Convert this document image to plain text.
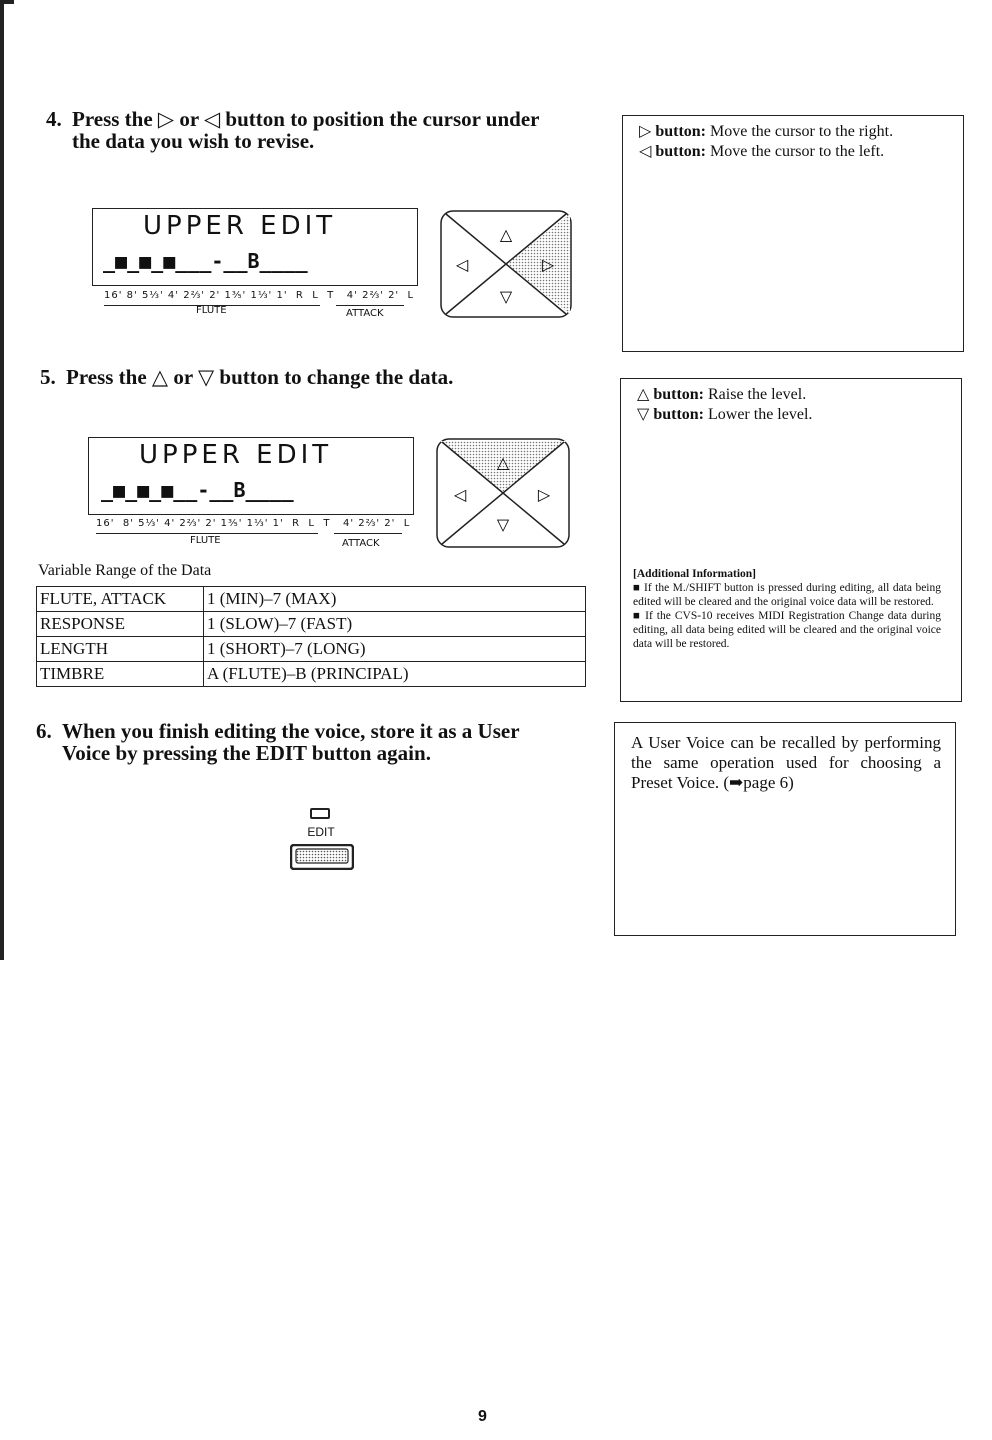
4. Press the ▷ or ◁ button to position the cursor under
the data you wish to revise.	▷ button: Move the cursor to the right.
◁ button: Move the cursor to the left.
UPPER EDIT
_■_■_■___-__B____
16' 8' 5⅓' 4' 2⅔' 2' 1⅗' 1⅓' 1'  R  L  T   4' 2⅔' 2'  L
FLUTE	ATTACK
△
▽
◁	▷
5. Press the △ or ▽ button to change the data.
△ button: Raise the level.
▽ button: Lower the level.
[Additional Information]
■ If the M./SHIFT button is pressed during editing, all data being edited will be cleared and the original voice data will be restored.
■ If the CVS-10 receives MIDI Registration Change data during editing, all data being edited will be cleared and the original voice data will be restored.
UPPER EDIT
_■_■_■__-__B____
16'  8' 5⅓' 4' 2⅔' 2' 1⅗' 1⅓' 1'  R  L  T   4' 2⅔' 2'  L
FLUTE	ATTACK
△
▽
◁	▷
Variable Range of the Data
FLUTE, ATTACK	1 (MIN)–7 (MAX)
RESPONSE	1 (SLOW)–7 (FAST)
LENGTH	1 (SHORT)–7 (LONG)
TIMBRE	A (FLUTE)–B (PRINCIPAL)
6. When you finish editing the voice, store it as a User
Voice by pressing the EDIT button again.	A User Voice can be recalled by performing the same operation used for choosing a Preset Voice. (➡page 6)
EDIT
9
